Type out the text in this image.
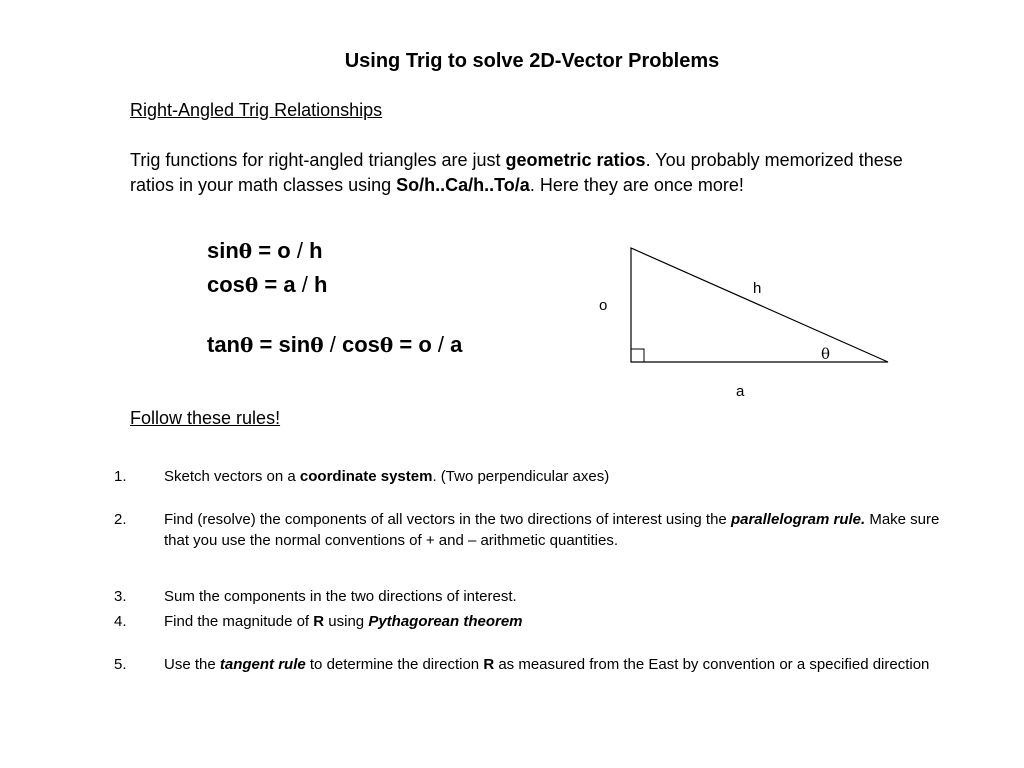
Using Trig to solve 2D-Vector Problems
Right-Angled Trig Relationships
Trig functions for right-angled triangles are just geometric ratios. You probably memorized these ratios in your math classes using So/h..Ca/h..To/a. Here they are once more!
sinθ = o / h
cosθ = a / h
tanθ = sinθ / cosθ = o / a
o
h
θ
a
Follow these rules!
1.	Sketch vectors on a coordinate system. (Two perpendicular axes)
2.	Find (resolve) the components of all vectors in the two directions of interest using the parallelogram rule. Make sure that you use the normal conventions of + and – arithmetic quantities.
3.	Sum the components in the two directions of interest.
4.	Find the magnitude of R using Pythagorean theorem
5.	Use the tangent rule to determine the direction R as measured from the East by convention or a specified direction
